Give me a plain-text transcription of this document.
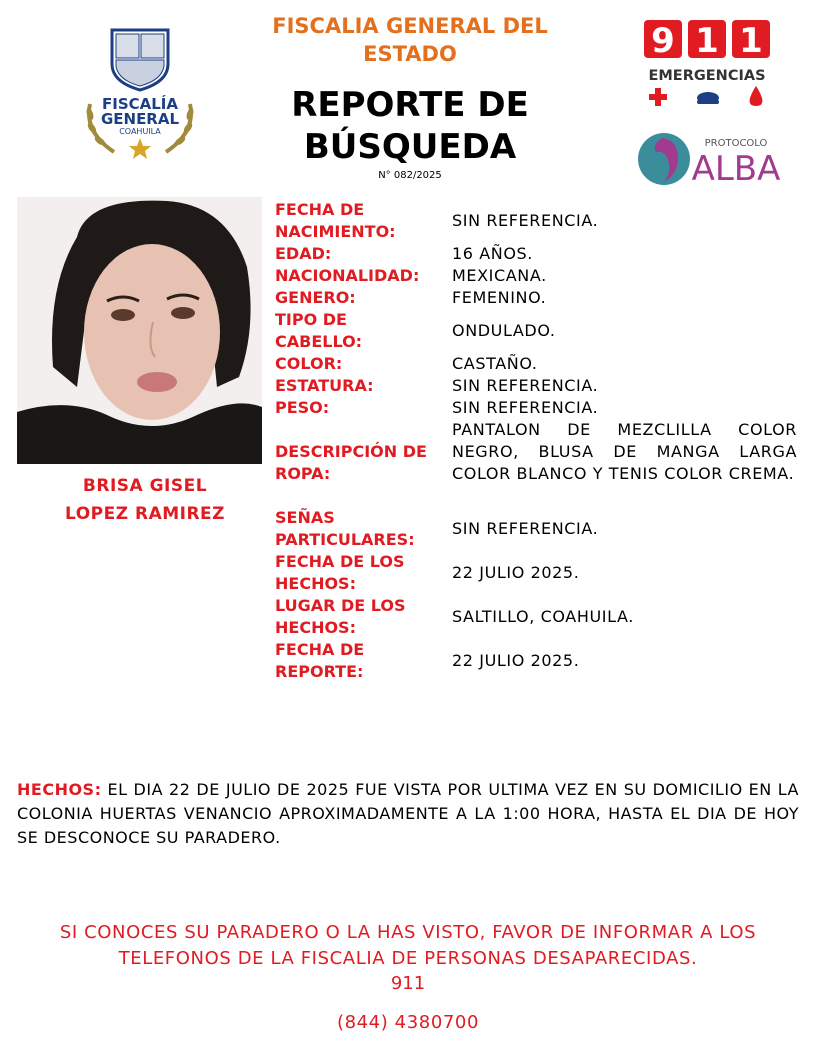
FISCALÍA
GENERAL
COAHUILA
FISCALIA GENERAL DEL
ESTADO
REPORTE DE
BÚSQUEDA
N° 082/2025
9 1 1
EMERGENCIAS
PROTOCOLO
ALBA
BRISA GISEL
LOPEZ RAMIREZ
FECHA DE NACIMIENTO:
SIN REFERENCIA.
EDAD:	16 AÑOS.
NACIONALIDAD:	MEXICANA.
GENERO:	FEMENINO.
TIPO DE CABELLO:
ONDULADO.
COLOR:	CASTAÑO.
ESTATURA:	SIN REFERENCIA.
PESO:	SIN REFERENCIA.
DESCRIPCIÓN DE ROPA:
PANTALON DE MEZCLILLA COLOR NEGRO, BLUSA DE MANGA LARGA COLOR BLANCO Y TENIS COLOR CREMA.
SEÑAS PARTICULARES:
SIN REFERENCIA.
FECHA DE LOS HECHOS:
22 JULIO 2025.
LUGAR DE LOS HECHOS:
SALTILLO, COAHUILA.
FECHA DE REPORTE:
22 JULIO 2025.
HECHOS: EL DIA 22 DE JULIO DE 2025 FUE VISTA POR ULTIMA VEZ EN SU DOMICILIO EN LA COLONIA HUERTAS VENANCIO APROXIMADAMENTE A LA 1:00 HORA, HASTA EL DIA DE HOY SE DESCONOCE SU PARADERO.
SI CONOCES SU PARADERO O LA HAS VISTO, FAVOR DE INFORMAR A LOS TELEFONOS DE LA FISCALIA DE PERSONAS DESAPARECIDAS.
911
(844) 4380700
